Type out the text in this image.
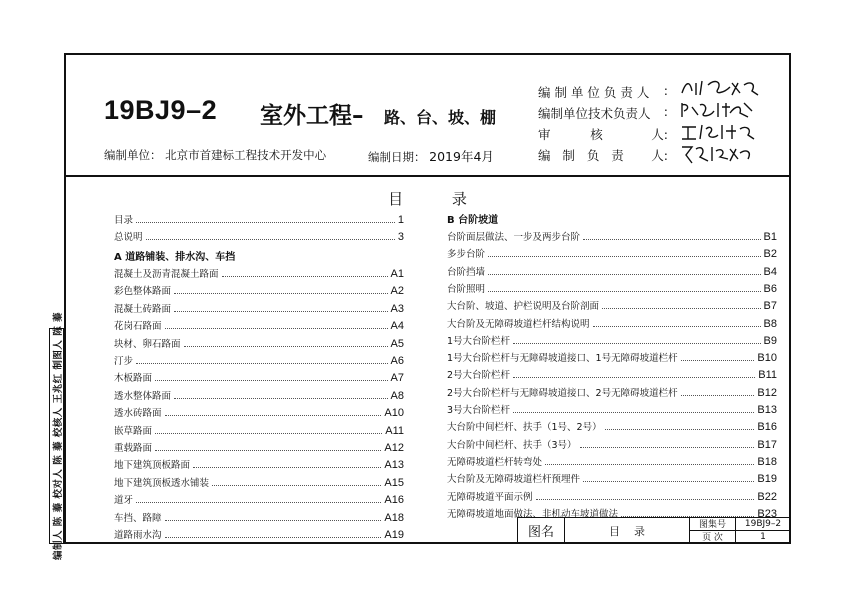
19BJ9–2 室外工程– 路、台、坡、棚
编制单位： 北京市首建标工程技术开发中心	编制日期： 2019年4月
编 制 单 位 负 责 人 :
编制单位技术负责人 :
审          核	人:
编   制   负   责 人:
目 录
目录	1
总说明	3
A 道路铺装、排水沟、车挡
混凝土及沥青混凝土路面	A1
彩色整体路面	A2
混凝土砖路面	A3
花岗石路面	A4
块材、卵石路面	A5
汀步	A6
木板路面	A7
透水整体路面	A8
透水砖路面	A10
嵌草路面	A11
重载路面	A12
地下建筑顶板路面	A13
地下建筑顶板透水铺装	A15
道牙	A16
车挡、路障	A18
道路雨水沟	A19
B 台阶坡道
台阶面层做法、一步及两步台阶	B1
多步台阶	B2
台阶挡墙	B4
台阶照明	B6
大台阶、坡道、护栏说明及台阶剖面	B7
大台阶及无障碍坡道栏杆结构说明	B8
1号大台阶栏杆	B9
1号大台阶栏杆与无障碍坡道接口、1号无障碍坡道栏杆	B10
2号大台阶栏杆	B11
2号大台阶栏杆与无障碍坡道接口、2号无障碍坡道栏杆	B12
3号大台阶栏杆	B13
大台阶中间栏杆、扶手（1号、2号）	B16
大台阶中间栏杆、扶手（3号）	B17
无障碍坡道栏杆转弯处	B18
大台阶及无障碍坡道栏杆预埋件	B19
无障碍坡道平面示例	B22
无障碍坡道地面做法、非机动车坡道做法	B23
图名	目    录	图集号	19BJ9–2
页 次	1
编制人 陈 蓁 校对人 陈 蓁 校核人 王兆红 制图人 陈 蓁
